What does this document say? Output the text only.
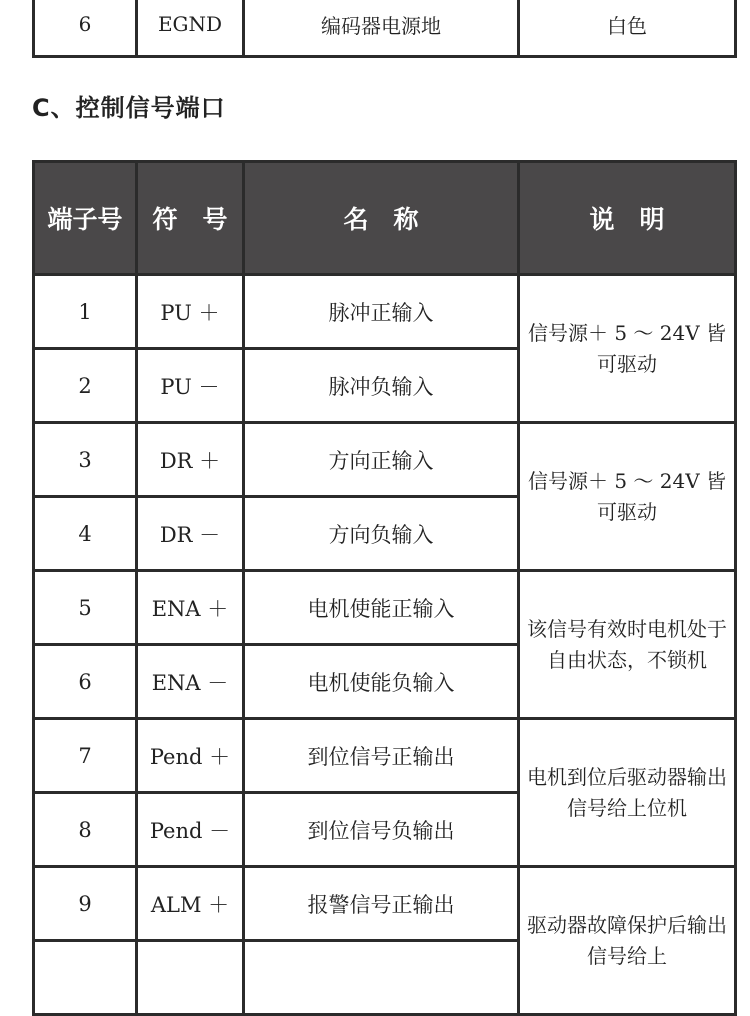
6	EGND	编码器电源地	白色
C、控制信号端口
端子号	符　号	名　称	说　明
1	PU ＋	脉冲正输入	信号源＋ 5 ～ 24V 皆可驱动
2	PU －	脉冲负输入	
3	DR ＋	方向正输入	信号源＋ 5 ～ 24V 皆可驱动
4	DR －	方向负输入	
5	ENA ＋	电机使能正输入	该信号有效时电机处于自由状态，不锁机
6	ENA －	电机使能负输入	
7	Pend ＋	到位信号正输出	电机到位后驱动器输出信号给上位机
8	Pend －	到位信号负输出	
9	ALM ＋	报警信号正输出	驱动器故障保护后输出信号给上
